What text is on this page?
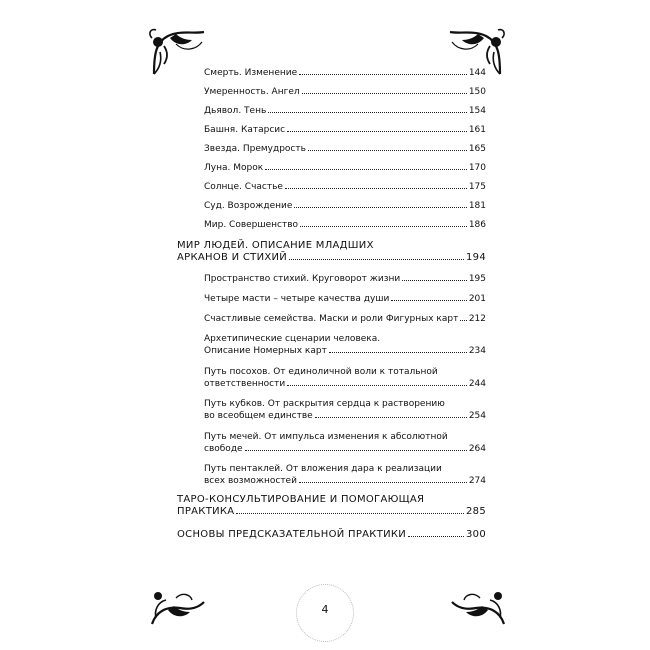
Смерть. Изменение	144
Умеренность. Ангел	150
Дьявол. Тень	154
Башня. Катарсис	161
Звезда. Премудрость	165
Луна. Морок	170
Солнце. Счастье	175
Суд. Возрождение	181
Мир. Совершенство	186
МИР ЛЮДЕЙ. ОПИСАНИЕ МЛАДШИХ
АРКАНОВ И СТИХИЙ	194
Пространство стихий. Круговорот жизни	195
Четыре масти – четыре качества души	201
Счастливые семейства. Маски и роли Фигурных карт 212
Архетипические сценарии человека.
Описание Номерных карт	234
Путь посохов. От единоличной воли к тотальной
ответственности	244
Путь кубков. От раскрытия сердца к растворению
во всеобщем единстве	254
Путь мечей. От импульса изменения к абсолютной
свободе	264
Путь пентаклей. От вложения дара к реализации
всех возможностей	274
ТАРО-КОНСУЛЬТИРОВАНИЕ И ПОМОГАЮЩАЯ
ПРАКТИКА	285
ОСНОВЫ ПРЕДСКАЗАТЕЛЬНОЙ ПРАКТИКИ	300
4
